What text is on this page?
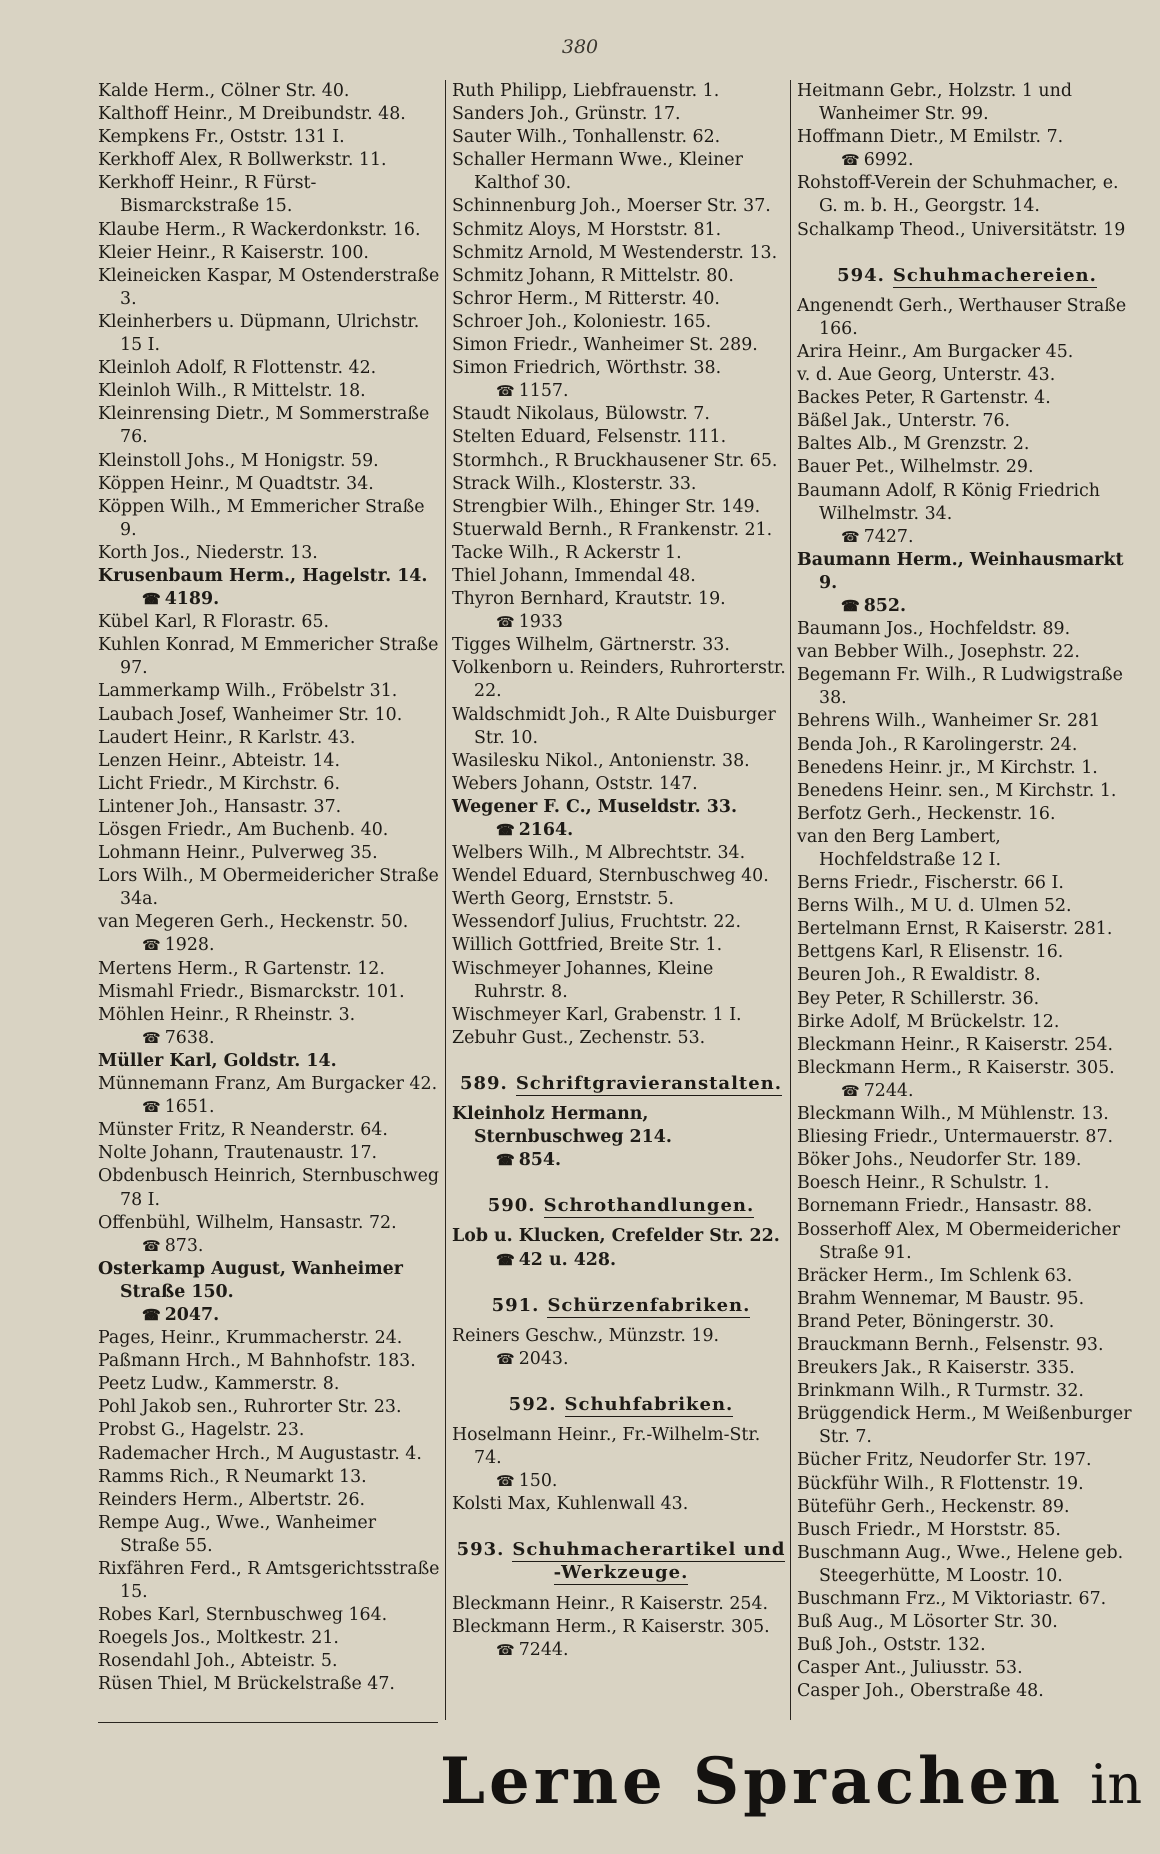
380

Kalde Herm., Cölner Str. 40.

Kalthoff Heinr., M Dreibundstr. 48.

Kempkens Fr., Oststr. 131 I.

Kerkhoff Alex, R Bollwerkstr. 11.

Kerkhoff Heinr., R Fürst-Bismarckstraße 15.

Klaube Herm., R Wackerdonkstr. 16.

Kleier Heinr., R Kaiserstr. 100.

Kleineicken Kaspar, M Ostenderstraße 3.

Kleinherbers u. Düpmann, Ulrichstr. 15 I.

Kleinloh Adolf, R Flottenstr. 42.

Kleinloh Wilh., R Mittelstr. 18.

Kleinrensing Dietr., M Sommerstraße 76.

Kleinstoll Johs., M Honigstr. 59.

Köppen Heinr., M Quadtstr. 34.

Köppen Wilh., M Emmericher Straße 9.

Korth Jos., Niederstr. 13.

Krusenbaum Herm., Hagelstr. 14.
☎ 4189.

Kübel Karl, R Florastr. 65.

Kuhlen Konrad, M Emmericher Straße 97.

Lammerkamp Wilh., Fröbelstr 31.

Laubach Josef, Wanheimer Str. 10.

Laudert Heinr., R Karlstr. 43.

Lenzen Heinr., Abteistr. 14.

Licht Friedr., M Kirchstr. 6.

Lintener Joh., Hansastr. 37.

Lösgen Friedr., Am Buchenb. 40.

Lohmann Heinr., Pulverweg 35.

Lors Wilh., M Obermeidericher Straße 34a.

van Megeren Gerh., Heckenstr. 50.
☎ 1928.

Mertens Herm., R Gartenstr. 12.

Mismahl Friedr., Bismarckstr. 101.

Möhlen Heinr., R Rheinstr. 3.
☎ 7638.

Müller Karl, Goldstr. 14.

Münnemann Franz, Am Burgacker 42.
☎ 1651.

Münster Fritz, R Neanderstr. 64.

Nolte Johann, Trautenaustr. 17.

Obdenbusch Heinrich, Sternbuschweg 78 I.

Offenbühl, Wilhelm, Hansastr. 72.
☎ 873.

Osterkamp August, Wanheimer Straße 150.
☎ 2047.

Pages, Heinr., Krummacherstr. 24.

Paßmann Hrch., M Bahnhofstr. 183.

Peetz Ludw., Kammerstr. 8.

Pohl Jakob sen., Ruhrorter Str. 23.

Probst G., Hagelstr. 23.

Rademacher Hrch., M Augustastr. 4.

Ramms Rich., R Neumarkt 13.

Reinders Herm., Albertstr. 26.

Rempe Aug., Wwe., Wanheimer Straße 55.

Rixfähren Ferd., R Amtsgerichtsstraße 15.

Robes Karl, Sternbuschweg 164.

Roegels Jos., Moltkestr. 21.

Rosendahl Joh., Abteistr. 5.

Rüsen Thiel, M Brückelstraße 47.

Ruth Philipp, Liebfrauenstr. 1.

Sanders Joh., Grünstr. 17.

Sauter Wilh., Tonhallenstr. 62.

Schaller Hermann Wwe., Kleiner Kalthof 30.

Schinnenburg Joh., Moerser Str. 37.

Schmitz Aloys, M Horststr. 81.

Schmitz Arnold, M Westenderstr. 13.

Schmitz Johann, R Mittelstr. 80.

Schror Herm., M Ritterstr. 40.

Schroer Joh., Koloniestr. 165.

Simon Friedr., Wanheimer St. 289.

Simon Friedrich, Wörthstr. 38.
☎ 1157.

Staudt Nikolaus, Bülowstr. 7.

Stelten Eduard, Felsenstr. 111.

Stormhch., R Bruckhausener Str. 65.

Strack Wilh., Klosterstr. 33.

Strengbier Wilh., Ehinger Str. 149.

Stuerwald Bernh., R Frankenstr. 21.

Tacke Wilh., R Ackerstr 1.

Thiel Johann, Immendal 48.

Thyron Bernhard, Krautstr. 19.
☎ 1933

Tigges Wilhelm, Gärtnerstr. 33.

Volkenborn u. Reinders, Ruhrorterstr. 22.

Waldschmidt Joh., R Alte Duisburger Str. 10.

Wasilesku Nikol., Antonienstr. 38.

Webers Johann, Oststr. 147.

Wegener F. C., Museldstr. 33.
☎ 2164.

Welbers Wilh., M Albrechtstr. 34.

Wendel Eduard, Sternbuschweg 40.

Werth Georg, Ernststr. 5.

Wessendorf Julius, Fruchtstr. 22.

Willich Gottfried, Breite Str. 1.

Wischmeyer Johannes, Kleine Ruhrstr. 8.

Wischmeyer Karl, Grabenstr. 1 I.

Zebuhr Gust., Zechenstr. 53.

589. Schriftgravieranstalten.

Kleinholz Hermann, Sternbuschweg 214.
☎ 854.

590. Schrothandlungen.

Lob u. Klucken, Crefelder Str. 22.
☎ 42 u. 428.

591. Schürzenfabriken.

Reiners Geschw., Münzstr. 19.
☎ 2043.

592. Schuhfabriken.

Hoselmann Heinr., Fr.-Wilhelm-Str. 74.
☎ 150.

Kolsti Max, Kuhlenwall 43.

593. Schuhmacherartikel und -Werkzeuge.

Bleckmann Heinr., R Kaiserstr. 254.

Bleckmann Herm., R Kaiserstr. 305.
☎ 7244.

Heitmann Gebr., Holzstr. 1 und Wanheimer Str. 99.

Hoffmann Dietr., M Emilstr. 7.
☎ 6992.

Rohstoff-Verein der Schuhmacher, e. G. m. b. H., Georgstr. 14.

Schalkamp Theod., Universitätstr. 19

594. Schuhmachereien.

Angenendt Gerh., Werthauser Straße 166.

Arira Heinr., Am Burgacker 45.

v. d. Aue Georg, Unterstr. 43.

Backes Peter, R Gartenstr. 4.

Bäßel Jak., Unterstr. 76.

Baltes Alb., M Grenzstr. 2.

Bauer Pet., Wilhelmstr. 29.

Baumann Adolf, R König Friedrich Wilhelmstr. 34.
☎ 7427.

Baumann Herm., Weinhausmarkt 9.
☎ 852.

Baumann Jos., Hochfeldstr. 89.

van Bebber Wilh., Josephstr. 22.

Begemann Fr. Wilh., R Ludwigstraße 38.

Behrens Wilh., Wanheimer Sr. 281

Benda Joh., R Karolingerstr. 24.

Benedens Heinr. jr., M Kirchstr. 1.

Benedens Heinr. sen., M Kirchstr. 1.

Berfotz Gerh., Heckenstr. 16.

van den Berg Lambert, Hochfeldstraße 12 I.

Berns Friedr., Fischerstr. 66 I.

Berns Wilh., M U. d. Ulmen 52.

Bertelmann Ernst, R Kaiserstr. 281.

Bettgens Karl, R Elisenstr. 16.

Beuren Joh., R Ewaldistr. 8.

Bey Peter, R Schillerstr. 36.

Birke Adolf, M Brückelstr. 12.

Bleckmann Heinr., R Kaiserstr. 254.

Bleckmann Herm., R Kaiserstr. 305.
☎ 7244.

Bleckmann Wilh., M Mühlenstr. 13.

Bliesing Friedr., Untermauerstr. 87.

Böker Johs., Neudorfer Str. 189.

Boesch Heinr., R Schulstr. 1.

Bornemann Friedr., Hansastr. 88.

Bosserhoff Alex, M Obermeidericher Straße 91.

Bräcker Herm., Im Schlenk 63.

Brahm Wennemar, M Baustr. 95.

Brand Peter, Böningerstr. 30.

Brauckmann Bernh., Felsenstr. 93.

Breukers Jak., R Kaiserstr. 335.

Brinkmann Wilh., R Turmstr. 32.

Brüggendick Herm., M Weißenburger Str. 7.

Bücher Fritz, Neudorfer Str. 197.

Bückführ Wilh., R Flottenstr. 19.

Büteführ Gerh., Heckenstr. 89.

Busch Friedr., M Horststr. 85.

Buschmann Aug., Wwe., Helene geb. Steegerhütte, M Loostr. 10.

Buschmann Frz., M Viktoriastr. 67.

Buß Aug., M Lösorter Str. 30.

Buß Joh., Oststr. 132.

Casper Ant., Juliusstr. 53.

Casper Joh., Oberstraße 48.

Lerne Sprachen in
